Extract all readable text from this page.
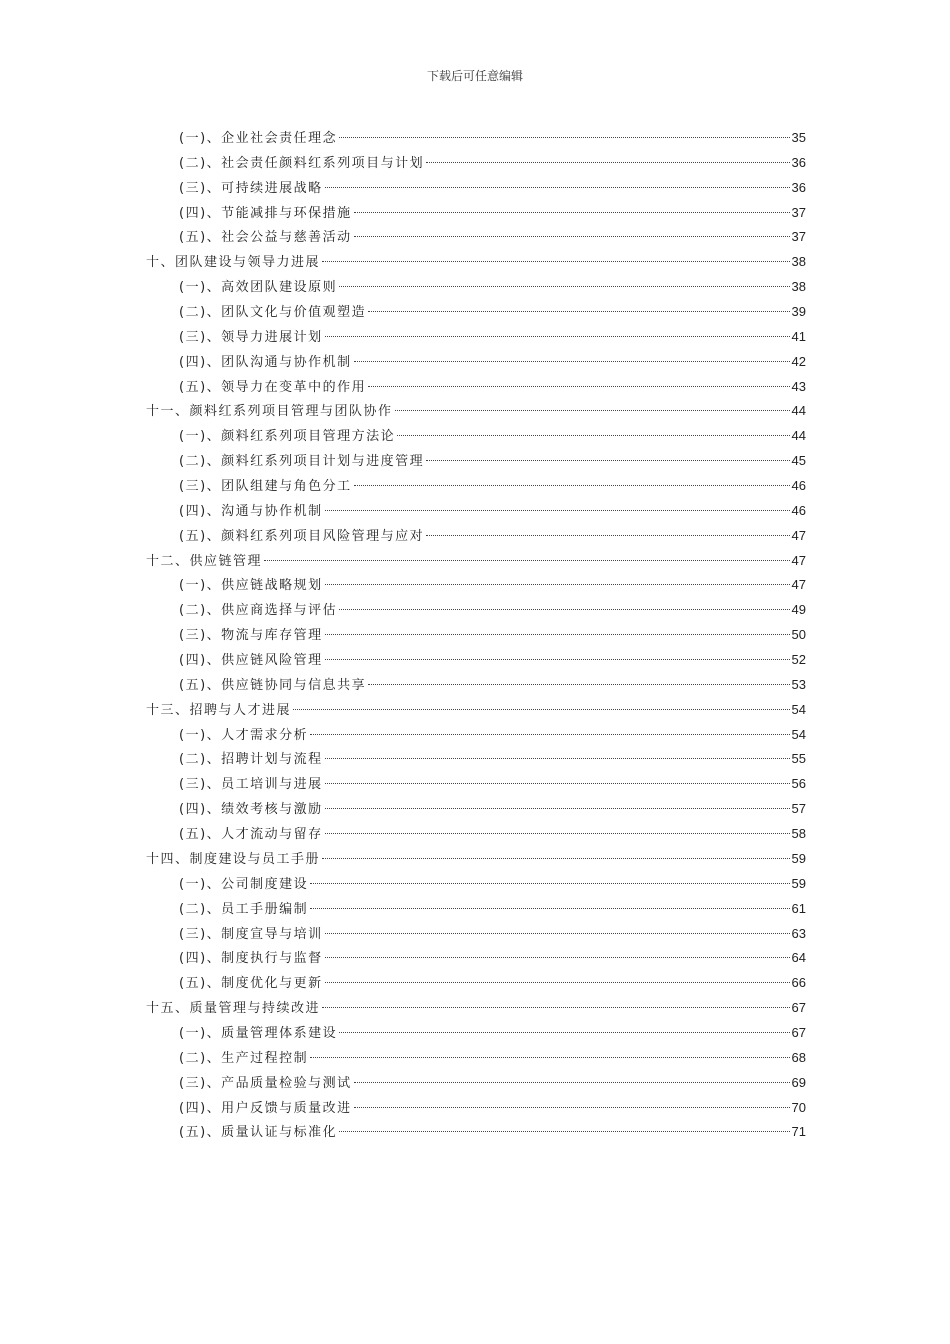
下载后可任意编辑
(一)、企业社会责任理念	35
(二)、社会责任颜料红系列项目与计划	36
(三)、可持续进展战略	36
(四)、节能减排与环保措施	37
(五)、社会公益与慈善活动	37
十、团队建设与领导力进展	38
(一)、高效团队建设原则	38
(二)、团队文化与价值观塑造	39
(三)、领导力进展计划	41
(四)、团队沟通与协作机制	42
(五)、领导力在变革中的作用	43
十一、颜料红系列项目管理与团队协作	44
(一)、颜料红系列项目管理方法论	44
(二)、颜料红系列项目计划与进度管理	45
(三)、团队组建与角色分工	46
(四)、沟通与协作机制	46
(五)、颜料红系列项目风险管理与应对	47
十二、供应链管理	47
(一)、供应链战略规划	47
(二)、供应商选择与评估	49
(三)、物流与库存管理	50
(四)、供应链风险管理	52
(五)、供应链协同与信息共享	53
十三、招聘与人才进展	54
(一)、人才需求分析	54
(二)、招聘计划与流程	55
(三)、员工培训与进展	56
(四)、绩效考核与激励	57
(五)、人才流动与留存	58
十四、制度建设与员工手册	59
(一)、公司制度建设	59
(二)、员工手册编制	61
(三)、制度宣导与培训	63
(四)、制度执行与监督	64
(五)、制度优化与更新	66
十五、质量管理与持续改进	67
(一)、质量管理体系建设	67
(二)、生产过程控制	68
(三)、产品质量检验与测试	69
(四)、用户反馈与质量改进	70
(五)、质量认证与标准化	71
